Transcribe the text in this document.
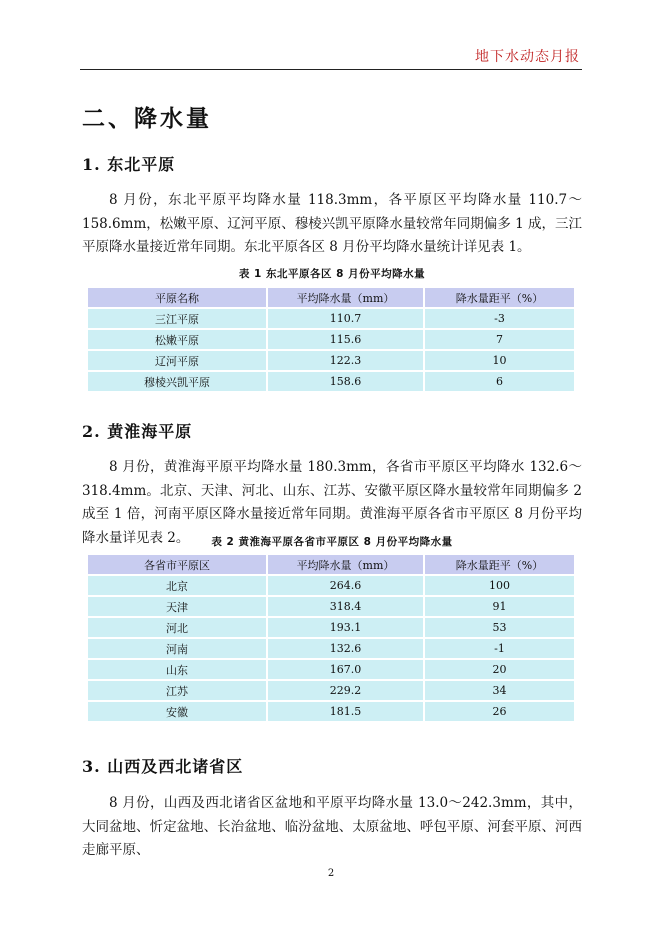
地下水动态月报
二、降水量
1. 东北平原
8 月份，东北平原平均降水量 118.3mm，各平原区平均降水量 110.7～158.6mm，松嫩平原、辽河平原、穆棱兴凯平原降水量较常年同期偏多 1 成，三江平原降水量接近常年同期。东北平原各区 8 月份平均降水量统计详见表 1。
表 1 东北平原各区 8 月份平均降水量
平原名称	平均降水量（mm）	降水量距平（%）
三江平原	110.7	-3
松嫩平原	115.6	7
辽河平原	122.3	10
穆棱兴凯平原	158.6	6
2. 黄淮海平原
8 月份，黄淮海平原平均降水量 180.3mm，各省市平原区平均降水 132.6～318.4mm。北京、天津、河北、山东、江苏、安徽平原区降水量较常年同期偏多 2 成至 1 倍，河南平原区降水量接近常年同期。黄淮海平原各省市平原区 8 月份平均降水量详见表 2。	表 2 黄淮海平原各省市平原区 8 月份平均降水量
各省市平原区	平均降水量（mm）	降水量距平（%）
北京	264.6	100
天津	318.4	91
河北	193.1	53
河南	132.6	-1
山东	167.0	20
江苏	229.2	34
安徽	181.5	26
3. 山西及西北诸省区
8 月份，山西及西北诸省区盆地和平原平均降水量 13.0～242.3mm，其中，大同盆地、忻定盆地、长治盆地、临汾盆地、太原盆地、呼包平原、河套平原、河西走廊平原、
2
